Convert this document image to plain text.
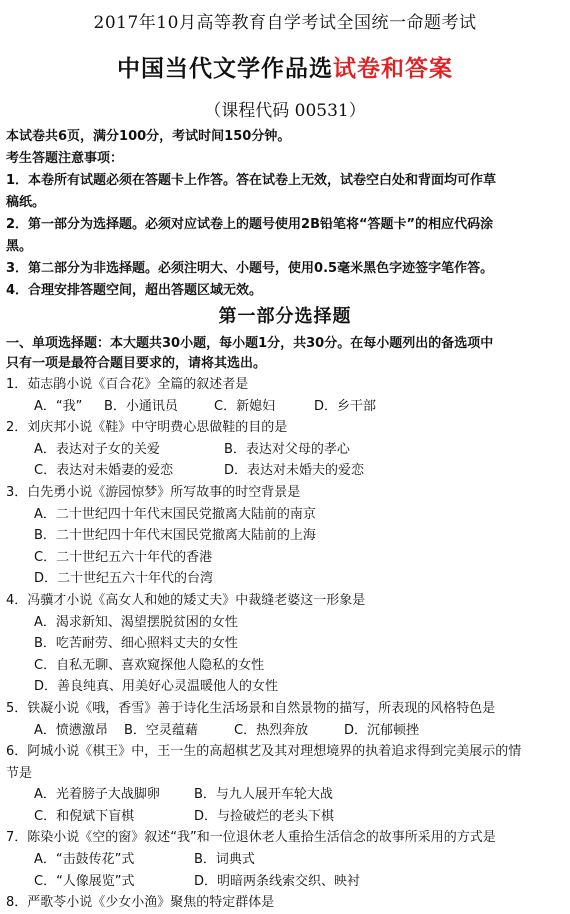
2017年10月高等教育自学考试全国统一命题考试
中国当代文学作品选试卷和答案
（课程代码 00531）
本试卷共6页，满分100分，考试时间150分钟。
考生答题注意事项：
1．本卷所有试题必须在答题卡上作答。答在试卷上无效，试卷空白处和背面均可作草
稿纸。
2．第一部分为选择题。必须对应试卷上的题号使用2B铅笔将“答题卡”的相应代码涂
黑。
3．第二部分为非选择题。必须注明大、小题号，使用0.5毫米黑色字迹签字笔作答。
4．合理安排答题空间，超出答题区域无效。
第一部分选择题
一、单项选择题：本大题共30小题，每小题1分，共30分。在每小题列出的备选项中
只有一项是最符合题目要求的，请将其选出。
1．茹志鹃小说《百合花》全篇的叙述者是
A．“我”	B．小通讯员	C．新媳妇	D．乡干部
2．刘庆邦小说《鞋》中守明费心思做鞋的目的是
A．表达对子女的关爱	B．表达对父母的孝心
C．表达对未婚妻的爱恋	D．表达对未婚夫的爱恋
3．白先勇小说《游园惊梦》所写故事的时空背景是
A．二十世纪四十年代末国民党撤离大陆前的南京
B．二十世纪四十年代末国民党撤离大陆前的上海
C．二十世纪五六十年代的香港
D．二十世纪五六十年代的台湾
4．冯骥才小说《高女人和她的矮丈夫》中裁缝老婆这一形象是
A．渴求新知、渴望摆脱贫困的女性
B．吃苦耐劳、细心照料丈夫的女性
C．自私无聊、喜欢窥探他人隐私的女性
D．善良纯真、用美好心灵温暖他人的女性
5．铁凝小说《哦，香雪》善于诗化生活场景和自然景物的描写，所表现的风格特色是
A．愤懑激昂	B．空灵蕴藉	C．热烈奔放	D．沉郁顿挫
6．阿城小说《棋王》中，王一生的高超棋艺及其对理想境界的执着追求得到完美展示的情
节是
A．光着膀子大战脚卵	B．与九人展开车轮大战
C．和倪斌下盲棋	D．与捡破烂的老头下棋
7．陈染小说《空的窗》叙述“我”和一位退休老人重拾生活信念的故事所采用的方式是
A．“击鼓传花”式	B．词典式
C．“人像展览”式	D．明暗两条线索交织、映衬
8．严歌苓小说《少女小渔》聚焦的特定群体是
